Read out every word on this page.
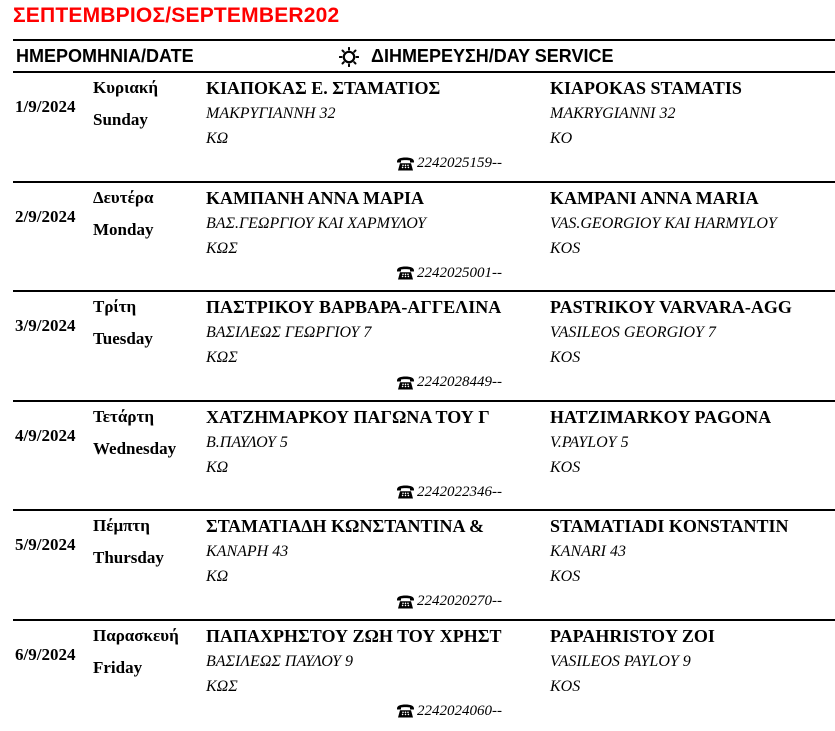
ΣΕΠΤΕΜΒΡΙΟΣ/SEPTEMBER202
ΗΜΕΡΟΜΗΝΙΑ/DATE	ΔΙΗΜΕΡΕΥΣΗ/DAY SERVICE
1/9/2024
Κυριακή
Sunday
ΚΙΑΠΟΚΑΣ Ε. ΣΤΑΜΑΤΙΟΣ
ΜΑΚΡΥΓΙΑΝΝΗ 32
ΚΩ
KIAPOKAS STAMATIS
MAKRYGIANNI 32
KO
2242025159--
2/9/2024
Δευτέρα
Monday
ΚΑΜΠΑΝΗ ΑΝΝΑ ΜΑΡΙΑ
ΒΑΣ.ΓΕΩΡΓΙΟΥ ΚΑΙ ΧΑΡΜΥΛΟΥ
ΚΩΣ
KAMPANI ANNA MARIA
VAS.GEORGIOY KAI HARMYLOY
KOS
2242025001--
3/9/2024
Τρίτη
Tuesday
ΠΑΣΤΡΙΚΟΥ ΒΑΡΒΑΡΑ-ΑΓΓΕΛΙΝΑ
ΒΑΣΙΛΕΩΣ ΓΕΩΡΓΙΟΥ 7
ΚΩΣ
PASTRIKOY VARVARA-AGG
VASILEOS GEORGIOY 7
KOS
2242028449--
4/9/2024
Τετάρτη
Wednesday
ΧΑΤΖΗΜΑΡΚΟΥ ΠΑΓΩΝΑ ΤΟΥ Γ
Β.ΠΑΥΛΟΥ 5
ΚΩ
HATZIMARKOY PAGONA
V.PAYLOY 5
KOS
2242022346--
5/9/2024
Πέμπτη
Thursday
ΣΤΑΜΑΤΙΑΔΗ ΚΩΝΣΤΑΝΤΙΝΑ &
ΚΑΝΑΡΗ 43
ΚΩ
STAMATIADI KONSTANTIN
KANARI 43
KOS
2242020270--
6/9/2024
Παρασκευή
Friday
ΠΑΠΑΧΡΗΣΤΟΥ ΖΩΗ ΤΟΥ ΧΡΗΣΤ
ΒΑΣΙΛΕΩΣ ΠΑΥΛΟΥ 9
ΚΩΣ
PAPAHRISTOY ZOI
VASILEOS PAYLOY 9
KOS
2242024060--
